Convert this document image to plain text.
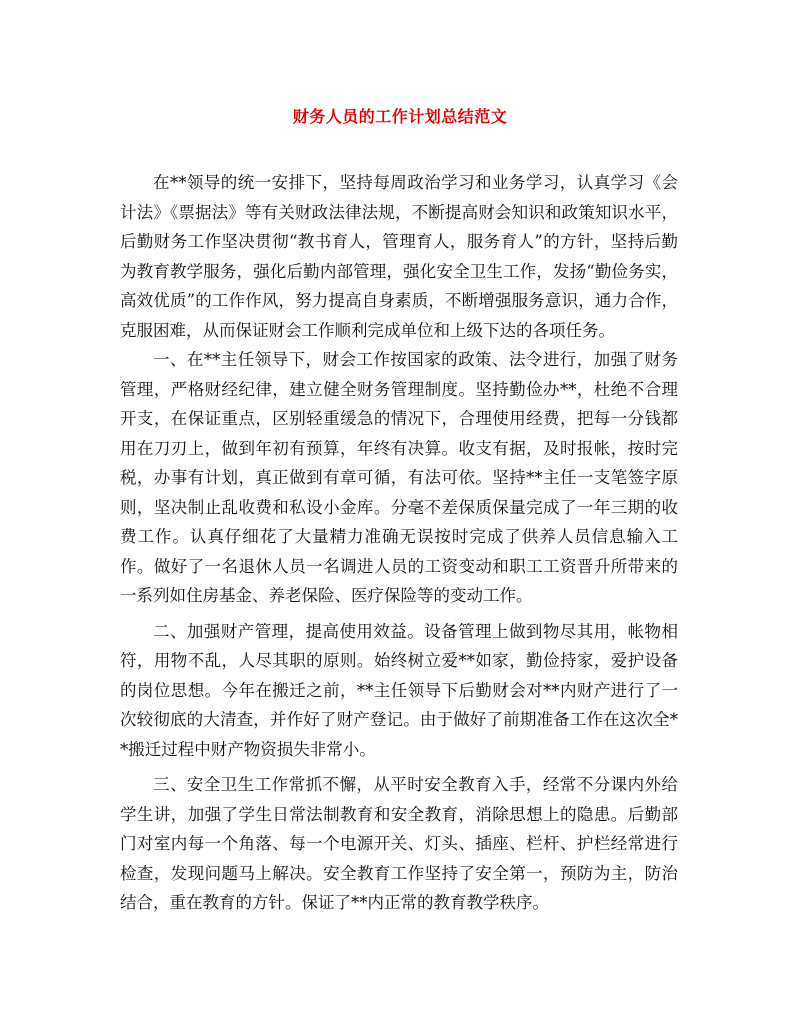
财务人员的工作计划总结范文

在**领导的统一安排下，坚持每周政治学习和业务学习，认真学习《会计法》《票据法》等有关财政法律法规，不断提高财会知识和政策知识水平，后勤财务工作坚决贯彻“教书育人，管理育人，服务育人”的方针，坚持后勤为教育教学服务，强化后勤内部管理，强化安全卫生工作，发扬“勤俭务实，高效优质”的工作作风，努力提高自身素质，不断增强服务意识，通力合作，克服困难，从而保证财会工作顺利完成单位和上级下达的各项任务。

一、在**主任领导下，财会工作按国家的政策、法令进行，加强了财务管理，严格财经纪律，建立健全财务管理制度。坚持勤俭办**，杜绝不合理开支，在保证重点，区别轻重缓急的情况下，合理使用经费，把每一分钱都用在刀刃上，做到年初有预算，年终有决算。收支有据，及时报帐，按时完税，办事有计划，真正做到有章可循，有法可依。坚持**主任一支笔签字原则，坚决制止乱收费和私设小金库。分毫不差保质保量完成了一年三期的收费工作。认真仔细花了大量精力准确无误按时完成了供养人员信息输入工作。做好了一名退休人员一名调进人员的工资变动和职工工资晋升所带来的一系列如住房基金、养老保险、医疗保险等的变动工作。

二、加强财产管理，提高使用效益。设备管理上做到物尽其用，帐物相符，用物不乱，人尽其职的原则。始终树立爱**如家，勤俭持家，爱护设备的岗位思想。今年在搬迁之前，**主任领导下后勤财会对**内财产进行了一次较彻底的大清查，并作好了财产登记。由于做好了前期准备工作在这次全**搬迁过程中财产物资损失非常小。

三、安全卫生工作常抓不懈，从平时安全教育入手，经常不分课内外给学生讲，加强了学生日常法制教育和安全教育，消除思想上的隐患。后勤部门对室内每一个角落、每一个电源开关、灯头、插座、栏杆、护栏经常进行检查，发现问题马上解决。安全教育工作坚持了安全第一，预防为主，防治结合，重在教育的方针。保证了**内正常的教育教学秩序。
